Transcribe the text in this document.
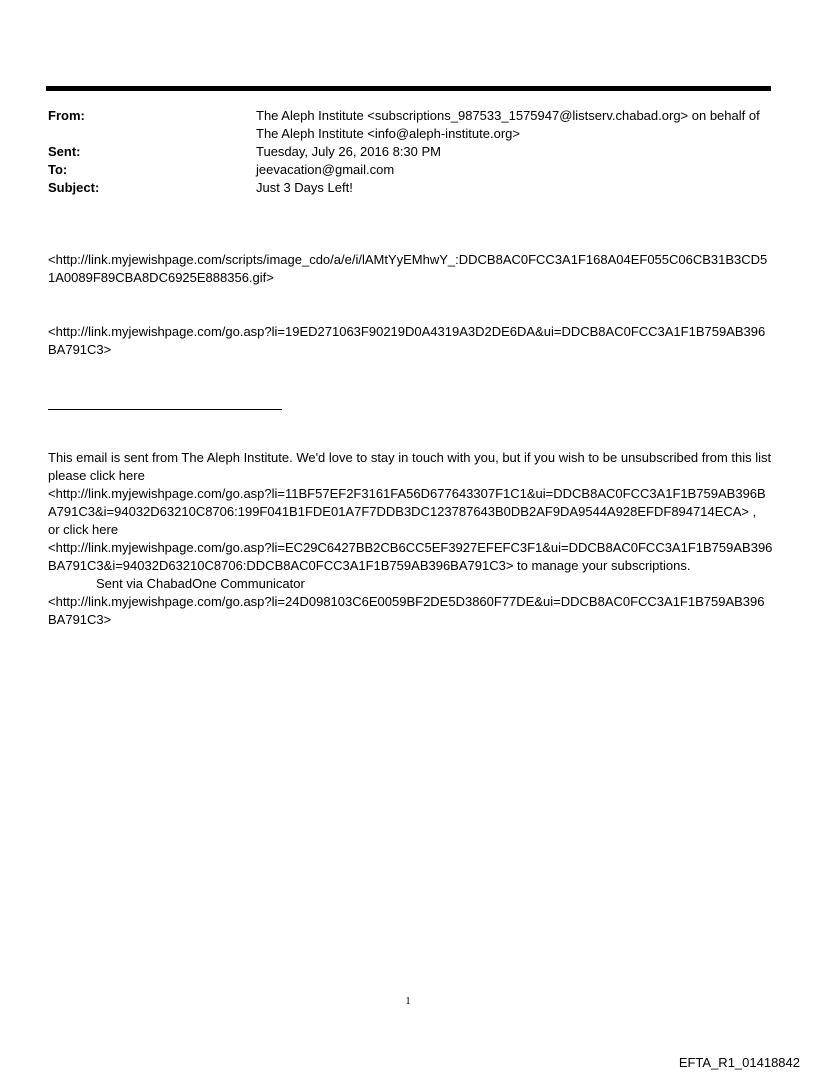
From:	The Aleph Institute <subscriptions_987533_1575947@listserv.chabad.org> on behalf of The Aleph Institute <info@aleph-institute.org>
Sent:	Tuesday, July 26, 2016 8:30 PM
To:	jeevacation@gmail.com
Subject:	Just 3 Days Left!
<http://link.myjewishpage.com/scripts/image_cdo/a/e/i/lAMtYyEMhwY_:DDCB8AC0FCC3A1F168A04EF055C06CB31B3CD51A0089F89CBA8DC6925E888356.gif>
<http://link.myjewishpage.com/go.asp?li=19ED271063F90219D0A4319A3D2DE6DA&ui=DDCB8AC0FCC3A1F1B759AB396BA791C3>

This email is sent from The Aleph Institute. We'd love to stay in touch with you, but if you wish to be unsubscribed from this list please click here

<http://link.myjewishpage.com/go.asp?li=11BF57EF2F3161FA56D677643307F1C1&ui=DDCB8AC0FCC3A1F1B759AB396BA791C3&i=94032D63210C8706:199F041B1FDE01A7F7DDB3DC123787643B0DB2AF9DA9544A928EFDF894714ECA> ,

or click here

<http://link.myjewishpage.com/go.asp?li=EC29C6427BB2CB6CC5EF3927EFEFC3F1&ui=DDCB8AC0FCC3A1F1B759AB396BA791C3&i=94032D63210C8706:DDCB8AC0FCC3A1F1B759AB396BA791C3> to manage your subscriptions.

Sent via ChabadOne Communicator

<http://link.myjewishpage.com/go.asp?li=24D098103C6E0059BF2DE5D3860F77DE&ui=DDCB8AC0FCC3A1F1B759AB396BA791C3>

1
EFTA_R1_01418842
